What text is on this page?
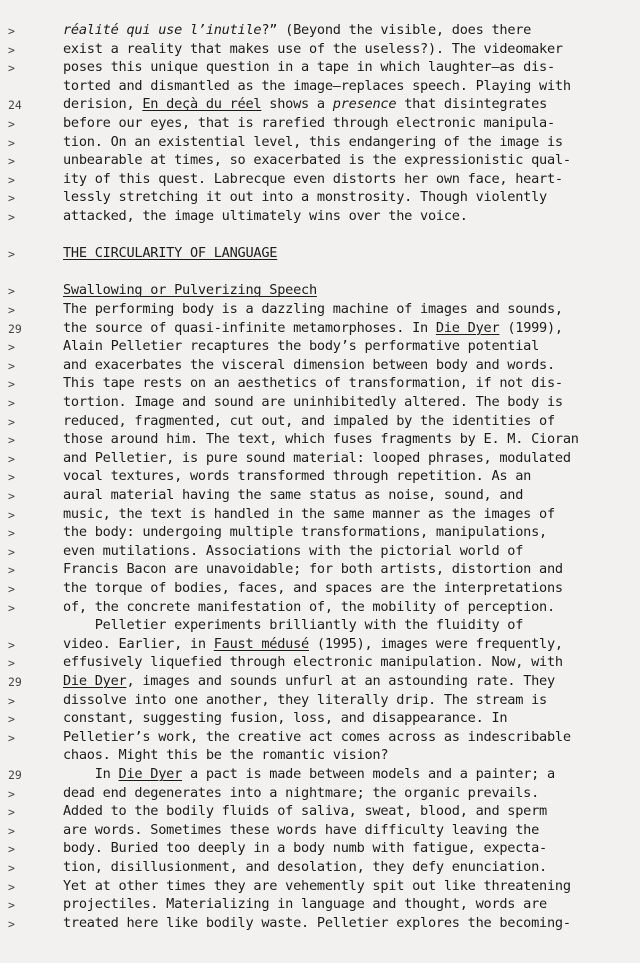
réalité qui use l’inutile?” (Beyond the visible, does there
exist a reality that makes use of the useless?). The videomaker
poses this unique question in a tape in which laughter—as dis-
torted and dismantled as the image—replaces speech. Playing with
derision, En deçà du réel shows a presence that disintegrates
before our eyes, that is rarefied through electronic manipula-
tion. On an existential level, this endangering of the image is
unbearable at times, so exacerbated is the expressionistic qual-
ity of this quest. Labrecque even distorts her own face, heart-
lessly stretching it out into a monstrosity. Though violently
attacked, the image ultimately wins over the voice.
THE CIRCULARITY OF LANGUAGE
Swallowing or Pulverizing Speech
The performing body is a dazzling machine of images and sounds,
the source of quasi-infinite metamorphoses. In Die Dyer (1999),
Alain Pelletier recaptures the body’s performative potential
and exacerbates the visceral dimension between body and words.
This tape rests on an aesthetics of transformation, if not dis-
tortion. Image and sound are uninhibitedly altered. The body is
reduced, fragmented, cut out, and impaled by the identities of
those around him. The text, which fuses fragments by E. M. Cioran
and Pelletier, is pure sound material: looped phrases, modulated
vocal textures, words transformed through repetition. As an
aural material having the same status as noise, sound, and
music, the text is handled in the same manner as the images of
the body: undergoing multiple transformations, manipulations,
even mutilations. Associations with the pictorial world of
Francis Bacon are unavoidable; for both artists, distortion and
the torque of bodies, faces, and spaces are the interpretations
of, the concrete manifestation of, the mobility of perception.
Pelletier experiments brilliantly with the fluidity of
video. Earlier, in Faust médusé (1995), images were frequently,
effusively liquefied through electronic manipulation. Now, with
Die Dyer, images and sounds unfurl at an astounding rate. They
dissolve into one another, they literally drip. The stream is
constant, suggesting fusion, loss, and disappearance. In
Pelletier’s work, the creative act comes across as indescribable
chaos. Might this be the romantic vision?
In Die Dyer a pact is made between models and a painter; a
dead end degenerates into a nightmare; the organic prevails.
Added to the bodily fluids of saliva, sweat, blood, and sperm
are words. Sometimes these words have difficulty leaving the
body. Buried too deeply in a body numb with fatigue, expecta-
tion, disillusionment, and desolation, they defy enunciation.
Yet at other times they are vehemently spit out like threatening
projectiles. Materializing in language and thought, words are
treated here like bodily waste. Pelletier explores the becoming-
>
>
>
24
>
>
>
>
>
>
>
>
>
29
>
>
>
>
>
>
>
>
>
>
>
>
>
>
>
>
>
29
>
>
>
29
>
>
>
>
>
>
>
>
